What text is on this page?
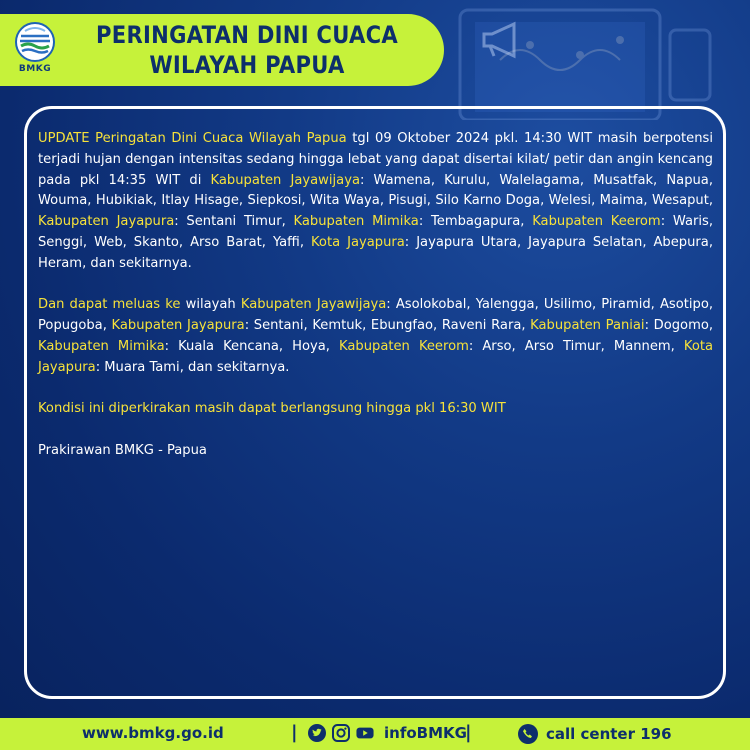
BMKG
PERINGATAN DINI CUACA
WILAYAH PAPUA

UPDATE Peringatan Dini Cuaca Wilayah Papua tgl 09 Oktober 2024 pkl. 14:30 WIT masih berpotensi terjadi hujan dengan intensitas sedang hingga lebat yang dapat disertai kilat/ petir dan angin kencang pada pkl 14:35 WIT di Kabupaten Jayawijaya: Wamena, Kurulu, Walelagama, Musatfak, Napua, Wouma, Hubikiak, Itlay Hisage, Siepkosi, Wita Waya, Pisugi, Silo Karno Doga, Welesi, Maima, Wesaput, Kabupaten Jayapura: Sentani Timur, Kabupaten Mimika: Tembagapura, Kabupaten Keerom: Waris, Senggi, Web, Skanto, Arso Barat, Yaffi, Kota Jayapura: Jayapura Utara, Jayapura Selatan, Abepura, Heram, dan sekitarnya.

Dan dapat meluas ke wilayah Kabupaten Jayawijaya: Asolokobal, Yalengga, Usilimo, Piramid, Asotipo, Popugoba, Kabupaten Jayapura: Sentani, Kemtuk, Ebungfao, Raveni Rara, Kabupaten Paniai: Dogomo, Kabupaten Mimika: Kuala Kencana, Hoya, Kabupaten Keerom: Arso, Arso Timur, Mannem, Kota Jayapura: Muara Tami, dan sekitarnya.

Kondisi ini diperkirakan masih dapat berlangsung hingga pkl 16:30 WIT

Prakirawan BMKG - Papua

www.bmkg.go.id	|	infoBMKG
|	call center 196
